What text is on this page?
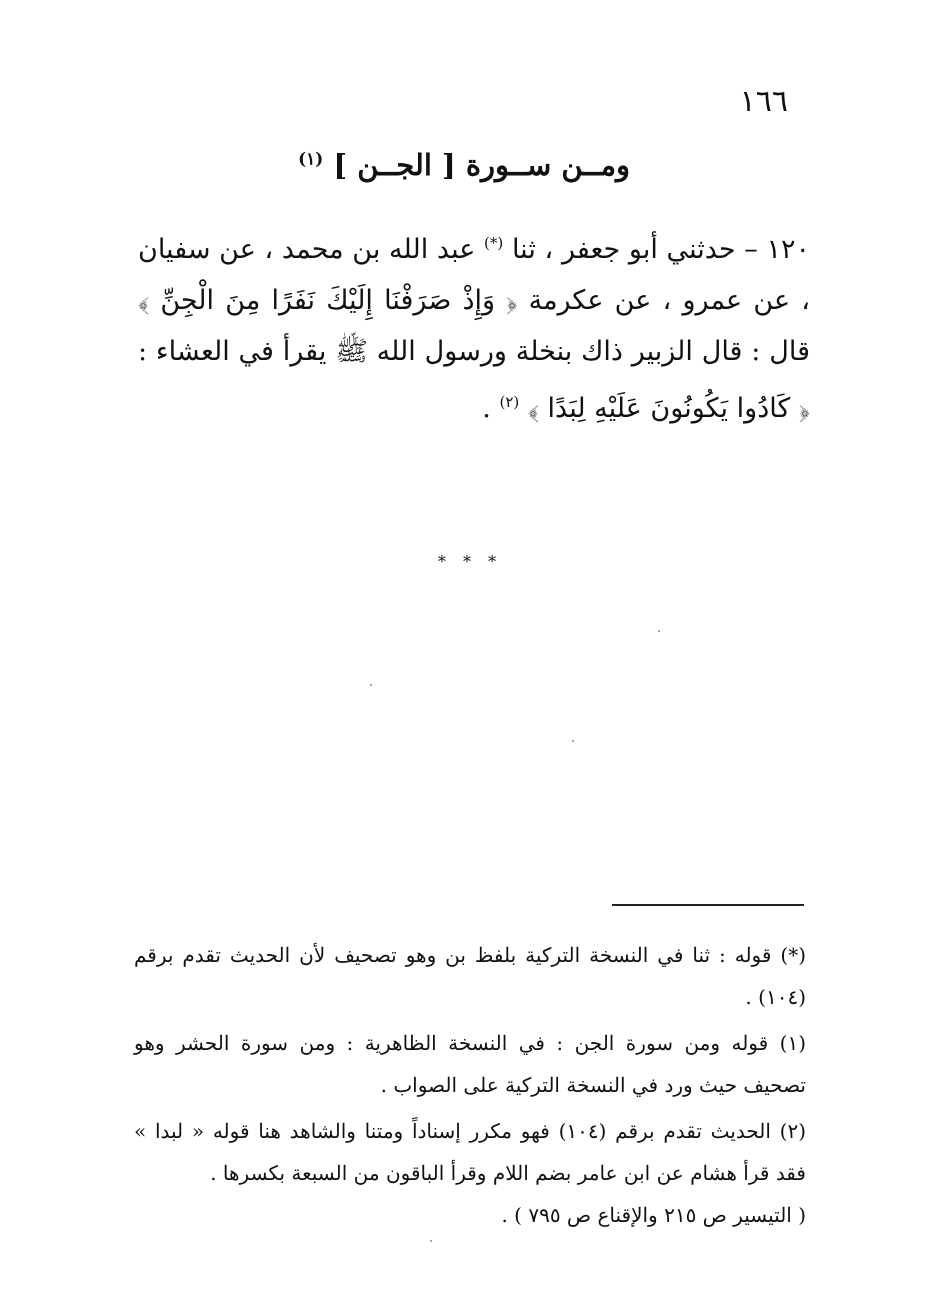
١٦٦
ومــن ســورة [ الجــن ] $^{(١)}$

١٢٠ – حدثني أبو جعفر ، ثنا (*) عبد الله بن محمد ، عن سفيان ، عن عمرو ، عن عكرمة ﴿ وَإِذْ صَرَفْنَا إِلَيْكَ نَفَرًا مِنَ الْجِنِّ ﴾ قال : قال الزبير ذاك بنخلة ورسول الله ﷺ يقرأ في العشاء : ﴿ كَادُوا يَكُونُونَ عَلَيْهِ لِبَدًا ﴾ $^{(٢)}$ .

* * *

(*) قوله : ثنا في النسخة التركية بلفظ بن وهو تصحيف لأن الحديث تقدم برقم (١٠٤) .

(١) قوله ومن سورة الجن : في النسخة الظاهرية : ومن سورة الحشر وهو تصحيف حيث ورد في النسخة التركية على الصواب .

(٢) الحديث تقدم برقم (١٠٤) فهو مكرر إسناداً ومتنا والشاهد هنا قوله « لبدا » فقد قرأ هشام عن ابن عامر بضم اللام وقرأ الباقون من السبعة بكسرها .
( التيسير ص ٢١٥ والإقناع ص ٧٩٥ ) .
